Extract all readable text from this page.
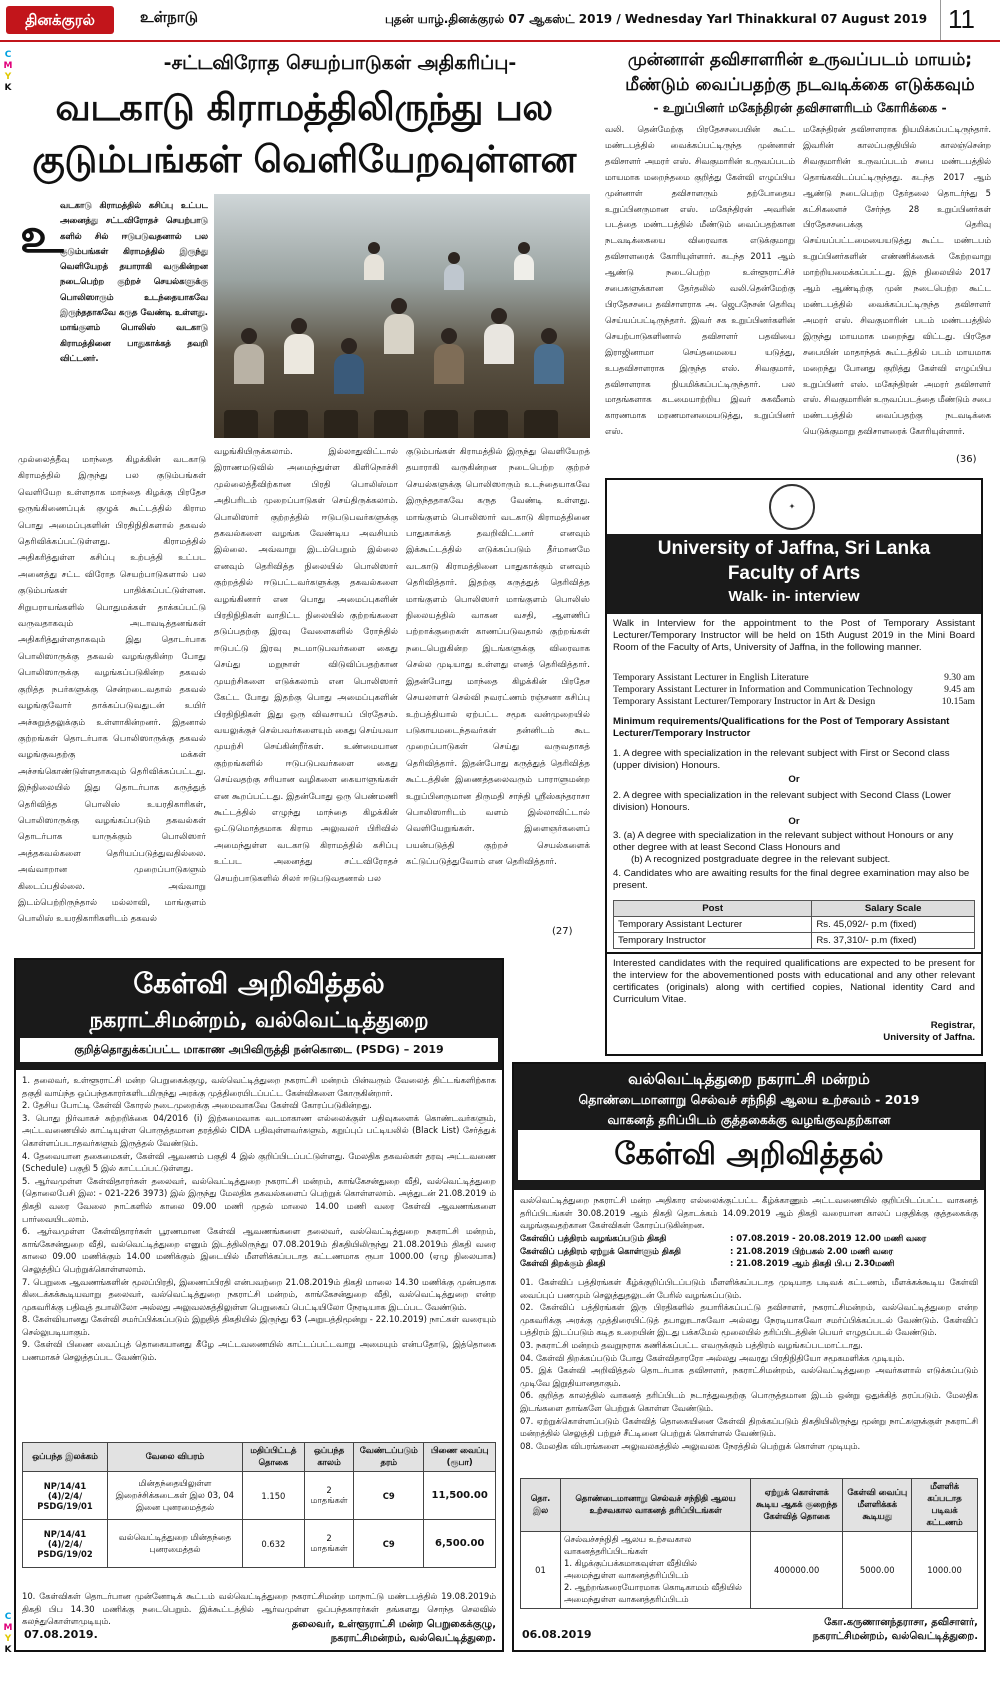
தினக்குரல்	உள்நாடு	புதன் யாழ்.தினக்குரல் 07 ஆகஸ்ட் 2019 / Wednesday Yarl Thinakkural 07 August 2019 11
C
M
Y
K
C
M
Y
K
-சட்டவிரோத செயற்பாடுகள் அதிகரிப்பு-
வடகாடு கிராமத்திலிருந்து பல குடும்பங்கள் வெளியேறவுள்ளன
உ
வடகாடு கிராமத்தில் கசிப்பு உட்பட அனைத்து சட்டவிரோதச் செயற்பாடு களில் சில் ஈடுபடுவதனால் பல குடும்பங்கள் கிராமத்தில் இருந்து வெளியேறத் தயாராகி வருகின்றன நடைபெற்ற குற்றச் செயல்களுக்கு பொலிஸாரும் உடந்தையாகவே இருந்ததாகவே கருத வேண்டி உள்ளது. மாங்குளம் பொலிஸ் வடகாடு கிராமத்தினை பாதுகாக்கத் தவறி விட்டனர்.
முல்லைத்தீவு மாந்தை கிழக்கின் வடகாடு கிராமத்தில் இருந்து பல குடும்பங்கள் வெளியேற உள்ளதாக மாந்தை கிழக்கு பிரதேச ஒருங்கிணைப்புக் குழுக் கூட்டத்தில் கிராம பொது அமைப்புகளின் பிரதிநிதிகளால் தகவல் தெரிவிக்கப்பட்டுள்ளது. கிராமத்தில் அதிகரித்துள்ள கசிப்பு உற்பத்தி உட்பட அனைத்து சட்ட விரோத செயற்பாடுகளால் பல குடும்பங்கள் பாதிக்கப்பட்டுள்ளன. சிறுபராயங்களில் பொதுமக்கள் தாக்கப்பட்டு வருவதாகவும் அடாவடித்தனங்கள் அதிகரித்துள்ளதாகவும் இது தொடர்பாக பொலிஸாருக்கு தகவல் வழங்குகின்ற போது பொலிஸாருக்கு வழங்கப்படுகின்ற தகவல் குறித்த நபர்களுக்கு சென்றடைவதால் தகவல் வழங்குவோர் தாக்கப்படுவதுடன் உயிர் அச்சுறுத்தலுக்கும் உள்ளாகின்றனர். இதனால் குற்றங்கள் தொடர்பாக பொலிஸாருக்கு தகவல் வழங்குவதற்கு மக்கள் அச்சங்கொண்டுள்ளதாகவும் தெரிவிக்கப்பட்டது. இந்நிலையில் இது தொடர்பாக கருத்துத் தெரிவித்த பொலிஸ் உயரதிகாரிகள், பொலிஸாருக்கு வழங்கப்படும் தகவல்கள் தொடர்பாக யாருக்கும் பொலிஸார் அத்தகவல்களை தெரியப்படுத்துவதில்லை. அவ்வாறான முறைப்பாடுகளும் கிடைப்பதில்லை. அவ்வாறு இடம்பெற்றிருந்தால் மல்லாவி, மாங்குளம் பொலிஸ் உயரதிகாரிகளிடம் தகவல்
வழங்கியிருக்கலாம். இல்லாதுவிட்டால் இராணமடுவில் அமைந்துள்ள கிளிநொச்சி முல்லைத்தீவிற்கான பிரதி பொலிஸ்மா அதிபரிடம் முறைப்பாடுகள் செய்திருக்கலாம். பொலிஸார் குற்றத்தில் ஈடுபடுபவர்களுக்கு தகவல்களை வழங்க வேண்டிய அவசியம் இல்லை. அவ்வாறு இடம்பெறும் இல்லை எனவும் தெரிவித்த நிலையில் பொலிஸார் குற்றத்தில் ஈடுபட்டவர்களுக்கு தகவல்களை வழங்கினார் என பொது அமைப்புகளின் பிரதிநிதிகள் வாதிட்ட நிலையில் குற்றங்களை தடுப்பதற்கு இரவு வேளைகளில் ரோந்தில் ஈடுபட்டு இரவு நடமாடுபவர்களை கைது செய்து மறுநாள் விடுவிப்பதற்கான முயற்சிகளை எடுக்கலாம் என பொலிஸார் கேட்ட போது இதற்கு பொது அமைப்புகளின் பிரதிநிதிகள் இது ஒரு விவசாயப் பிரதேசம். வயலுக்குச் செல்பவர்களையும் கைது செய்யவா முயற்சி செய்கின்றீர்கள். உண்மையான குற்றங்களில் ஈடுபடுபவர்களை கைது செய்வதற்கு சரியான வழிகளை கையாளுங்கள் என கூறப்பட்டது. இதன்போது ஒரு பெண்மணி கூட்டத்தில் எழுந்து மாந்தை கிழக்கின் ஒட்டுமொத்தமாக கிராம அலுவலர் பிரிவில் அமைந்துள்ள வடகாடு கிராமத்தில் கசிப்பு உட்பட அனைத்து சட்டவிரோதச் செயற்பாடுகளில் சிலர் ஈடுபடுவதனால் பல
குடும்பங்கள் கிராமத்தில் இருந்து வெளியேறத் தயாராகி வருகின்றன நடைபெற்ற குற்றச் செயல்களுக்கு பொலிஸாரும் உடந்தையாகவே இருந்ததாகவே கருத வேண்டி உள்ளது. மாங்குளம் பொலிஸார் வடகாடு கிராமத்தினை பாதுகாக்கத் தவறிவிட்டனர் எனவும் இக்கூட்டத்தில் எடுக்கப்படும் தீர்மானமே வடகாடு கிராமத்தினை பாதுகாக்கும் எனவும் தெரிவித்தார். இதற்கு கருத்துத் தெரிவித்த மாங்குளம் பொலிஸார் மாங்குளம் பொலிஸ் நிலையத்தில் வாகன வசதி, ஆளணிப் பற்றாக்குறைகள் காணப்படுவதால் குற்றங்கள் நடைபெறுகின்ற இடங்களுக்கு விரைவாக செல்ல முடியாது உள்ளது எனத் தெரிவித்தார். இதன்போது மாந்தை கிழக்கின் பிரதேச செயலாளர் செல்வி நவரட்ணம் ரஞ்சனா கசிப்பு உற்பத்தியால் ஏற்பட்ட சமூக வன்முறையில் படுகாயமடைந்தவர்கள் தன்னிடம் கூட முறைப்பாடுகள் செய்து வருவதாகத் தெரிவித்தார். இதன்போது கருத்துத் தெரிவித்த கூட்டத்தின் இணைத்தலைவரும் பாராளுமன்ற உறுப்பினருமான திருமதி சாந்தி ஸ்ரீஸ்கந்தராசா பொலிஸாரிடம் வளம் இல்லாவிட்டால் வெளியேறுங்கள். இளைஞர்களைப் பயன்படுத்தி குற்றச் செயல்களைக் கட்டுப்படுத்துவோம் என தெரிவித்தார்.
(27)
முன்னாள் தவிசாளரின் உருவப்படம் மாயம்; மீண்டும் வைப்பதற்கு நடவடிக்கை எடுக்கவும்
- உறுப்பினர் மகேந்திரன் தவிசாளரிடம் கோரிக்கை -
வலி. தென்மேற்கு பிரதேசசபையின் கூட்ட மண்டபத்தில் வைக்கப்பட்டிருந்த முன்னாள் தவிசாளர் அமரர் எஸ். சிவகுமாரின் உருவப்படம் மாயமாக மறைந்தமை குறித்து கேள்வி எழுப்பிய முன்னாள் தவிசாளரும் தற்போதைய உறுப்பினருமான எஸ். மகேந்திரன் அவரின் படத்தை மண்டபத்தில் மீண்டும் வைப்பதற்கான நடவடிக்கையை விரைவாக எடுக்குமாறு தவிசாளரைக் கோரியுள்ளார். கடந்த 2011 ஆம் ஆண்டு நடைபெற்ற உள்ளூராட்சிச் சபைகளுக்கான தேர்தலில் வலி.தென்மேற்கு பிரதேசசபை தவிசாளராக அ. ஜெபநேசன் தெரிவு செய்யப்பட்டிருந்தார். இவர் சக உறுப்பினர்களின் செயற்பாடுகளினால் தவிசாளர் பதவியை இராஜினாமா செய்தமையை யடுத்து, உபதவிசாளராக இருந்த எஸ். சிவகுமார், தவிசாளராக நியமிக்கப்பட்டிருந்தார். பல மாதங்களாக கடமையாற்றிய இவர் சுகவீனம் காரணமாக மரணமானமையடுத்து, உறுப்பினர் எஸ்.
மகேந்திரன் தவிசாளராக நியமிக்கப்பட்டிருந்தார். இவரின் காலப்பகுதியில் காலஞ்சென்ற சிவகுமாரின் உருவப்படம் சபை மண்டபத்தில் தொங்கவிடப்பட்டிருந்தது. கடந்த 2017 ஆம் ஆண்டு நடைபெற்ற தேர்தலை தொடர்ந்து 5 கட்சிகளைச் சேர்ந்த 28 உறுப்பினர்கள் பிரதேசசபைக்கு தெரிவு செய்யப்பட்டமையையடுத்து கூட்ட மண்டபம் உறுப்பினர்களின் எண்ணிக்கைக் கேற்றவாறு மாற்றியமைக்கப்பட்டது. இந் நிலையில் 2017 ஆம் ஆண்டிற்கு முன் நடைபெற்ற கூட்ட மண்டபத்தில் வைக்கப்பட்டிருந்த தவிசாளர் அமரர் எஸ். சிவகுமாரின் படம் மண்டபத்தில் இருந்து மாயமாக மறைந்து விட்டது. பிரதேச சபையின் மாதாந்தக் கூட்டத்தில் படம் மாயமாக மறைந்து போனது குறித்து கேள்வி எழுப்பிய உறுப்பினர் எஸ். மகேந்திரன் அமரர் தவிசாளர் எஸ். சிவகுமாரின் உருவப்படத்தை மீண்டும் சபை மண்டபத்தில் வைப்பதற்கு நடவடிக்கை யெடுக்குமாறு தவிசாளரைக் கோரியுள்ளார்.
(36)
✦
University of Jaffna, Sri Lanka
Faculty of Arts
Walk- in- interview
Walk in Interview for the appointment to the Post of Temporary Assistant Lecturer/Temporary Instructor will be held on 15th August 2019 in the Mini Board Room of the Faculty of Arts, University of Jaffna, in the following manner.
Temporary Assistant Lecturer in English Literature	9.30 am
Temporary Assistant Lecturer in Information and Communication Technology	9.45 am
Temporary Assistant Lecturer/Temporary Instructor in Art & Design	10.15am
Minimum requirements/Qualifications for the Post of Temporary Assistant Lecturer/Temporary Instructor
1. A degree with specialization in the relevant subject with First or Second class (upper division) Honours.
Or
2. A degree with specialization in the relevant subject with Second Class (Lower division) Honours.
Or
3. (a) A degree with specialization in the relevant subject without Honours or any other degree with at least Second Class Honours and
(b) A recognized postgraduate degree in the relevant subject.
4. Candidates who are awaiting results for the final degree examination may also be present.
Post	Salary Scale
Temporary Assistant Lecturer	Rs. 45,092/- p.m (fixed)
Temporary Instructor	Rs. 37,310/- p.m (fixed)
கேள்வி அறிவித்தல்
நகராட்சிமன்றம், வல்வெட்டித்துறை
குறித்தொதுக்கப்பட்ட மாகாண அபிவிருத்தி நன்கொடை (PSDG) – 2019
1. தலைவர், உள்ளூராட்சி மன்ற பெறுகைக்குழு, வல்வெட்டித்துறை நகராட்சி மன்றம் பின்வரும் வேலைத் திட்டங்களிற்காக தகுதி வாய்ந்த ஒப்பந்தகாரர்களிடமிருந்து அரக்கு முத்திரையிடப்பட்ட கேள்விகளை கோருகின்றார்.
2. தேசிய போட்டி கேள்வி கோரல் நடைமுறைக்கு அமைவாகவே கேள்வி கோரப்படுகின்றது.
3. பொது நிர்வாகச் சுற்றறிக்கை 04/2016 (i) இற்கமைவாக வடமாகாண எல்லைக்குள் பதிவுகளைக் கொண்டவர்களும், அட்டவணையில் காட்டியுள்ள பொருத்தமான தரத்தில் CIDA பதிவுள்ளவர்களும், கறுப்புப் பட்டியலில் (Black List) சேர்த்துக் கொள்ளப்படாதவர்களும் இருத்தல் வேண்டும்.
4. தேவையான தகைமைகள், கேள்வி ஆவணம் பகுதி 4 இல் குறிப்பிடப்பட்டுள்ளது. மேலதிக தகவல்கள் தரவு அட்டவணை (Schedule) பகுதி 5 இல் காட்டப்பட்டுள்ளது.
5. ஆர்வமுள்ள கேள்விதாரர்கள் தலைவர், வல்வெட்டித்துறை நகராட்சி மன்றம், காங்கேசன்துறை வீதி, வல்வெட்டித்துறை (தொலைபேசி இல: - 021-226 3973) இல் இருந்து மேலதிக தகவல்களைப் பெற்றுக் கொள்ளலாம். அத்துடன் 21.08.2019 ம் திகதி வரை வேலை நாட்களில் காலை 09.00 மணி முதல் மாலை 14.00 மணி வரை கேள்வி ஆவணங்களை பார்வையிடலாம்.
6. ஆர்வமுள்ள கேள்விதாரர்கள் பூரணமான கேள்வி ஆவணங்களை தலைவர், வல்வெட்டித்துறை நகராட்சி மன்றம், காங்கேசன்துறை வீதி, வல்வெட்டித்துறை எனும் இடத்திலிருந்து 07.08.2019ம் திகதியிலிருந்து 21.08.2019ம் திகதி வரை காலை 09.00 மணிக்கும் 14.00 மணிக்கும் இடையில் மீளளிக்கப்படாத கட்டணமாக ரூபா 1000.00 (ஏழு நிலையாக) செலுத்திப் பெற்றுக்கொள்ளலாம்.
7. பெறுகை ஆவணங்களின் மூலப்பிரதி, இணைப்பிரதி என்பவற்றை 21.08.2019ம் திகதி மாலை 14.30 மணிக்கு முன்பதாக கிடைக்கக்கூடியவாறு தலைவர், வல்வெட்டித்துறை நகராட்சி மன்றம், காங்கேசன்துறை வீதி, வல்வெட்டித்துறை என்ற முகவரிக்கு பதிவுத் தபாலிலோ அல்லது அலுவலகத்திலுள்ள பெறுகைப் பெட்டியிலோ நேரடியாக இடப்பட வேண்டும்.
8. கேள்வியானது கேள்வி சமர்ப்பிக்கப்படும் இறுதித் திகதியில் இருந்து 63 (அறுபத்திமூன்று - 22.10.2019) நாட்கள் வரையும் செல்லுபடியாகும்.
9. கேள்வி பிணை வைப்புத் தொகையானது கீழே அட்டவணையில் காட்டப்பட்டவாறு அமையும் என்பதோடு, இத்தொகை பணமாகச் செலுத்தப்பட வேண்டும்.
ஒப்பந்த இலக்கம்	வேலை விபரம்	மதிப்பிட்டத் தொகை	ஒப்பந்த காலம்	வேண்டப்படும் தரம்	பிணை வைப்பு (ரூபா)
NP/14/41 (4)/2/4/ PSDG/19/01	மின்தந்தையிலுள்ள இறைச்சிக்கடைகள் இல 03, 04 இனை புனரமைத்தல்	1.150	2 மாதங்கள்	C9	11,500.00
NP/14/41 (4)/2/4/ PSDG/19/02	வல்வெட்டித்துறை மின்தந்தை புனரமைத்தல்	0.632	2 மாதங்கள்	C9	6,500.00
10. கேள்விகள் தொடர்பான முன்னோடிக் கூட்டம் வல்வெட்டித்துறை நகராட்சிமன்ற மாநாட்டு மண்டபத்தில் 19.08.2019ம் திகதி பிப 14.30 மணிக்கு நடைபெறும். இக்கூட்டத்தில் ஆர்வமுள்ள ஒப்பந்தகாரர்கள் தங்களது சொந்த செலவில் கலந்துகொள்ளமுடியும்.
07.08.2019.
தலைவர், உள்ளூராட்சி மன்ற பெறுகைக்குழு,
நகராட்சிமன்றம், வல்வெட்டித்துறை.
வல்வெட்டித்துறை நகராட்சி மன்றம்
தொண்டைமானாறு செல்வச் சந்நிதி ஆலய உற்சவம் - 2019
வாகனத் தரிப்பிடம் குத்தகைக்கு வழங்குவதற்கான
கேள்வி அறிவித்தல்
வல்வெட்டித்துறை நகராட்சி மன்ற அதிகார எல்லைக்குட்பட்ட கீழ்க்காணும் அட்டவணையில் குறிப்பிடப்பட்ட வாகனத் தரிப்பிடங்கள் 30.08.2019 ஆம் திகதி தொடக்கம் 14.09.2019 ஆம் திகதி வரையான காலப் பகுதிக்கு குத்தகைக்கு வழங்குவதற்கான கேள்விகள் கோரப்படுகின்றன.
கேள்விப் பத்திரம் வழங்கப்படும் திகதி	: 07.08.2019 - 20.08.2019 12.00 மணி வரை
கேள்விப் பத்திரம் ஏற்றுக் கொள்ளும் திகதி	: 21.08.2019 பிற்பகல் 2.00 மணி வரை
கேள்வி திறக்கும் திகதி	: 21.08.2019 ஆம் திகதி பி.ப 2.30மணி
01. கேள்விப் பத்திரங்கள் கீழ்க்குறிப்பிடப்படும் மீளளிக்கப்படாத முடியாத படிவக் கட்டணம், மீளக்கக்கூடிய கேள்வி வைப்புப் பணமும் செலுத்துதலுடன் பேரில் வழங்கப்படும்.
02. கேள்விப் பத்திரங்கள் இரு பிரதிகளில் தயாரிக்கப்பட்டு தவிசாளர், நகராட்சிமன்றம், வல்வெட்டித்துறை என்ற முகவரிக்கு அரக்கு முத்திரையிட்டுத் தபாலூடாகவோ அல்லது நேரடியாகவோ சமர்ப்பிக்கப்படல் வேண்டும். கேள்விப் பத்திரம் இடப்படும் கடித உறையின் இடது பக்கமேல் மூலையில் தரிப்பிடத்தின் பெயர் எழுதப்படல் வேண்டும்.
03. நகராட்சி மன்றம் தவறுநராக கணிக்கப்பட்ட எவருக்கும் பத்திரம் வழங்கப்படமாட்டாது.
04. கேள்வி திறக்கப்படும் போது கேள்விதாரரோ அல்லது அவரது பிரதிநிதியோ சமூகமளிக்க முடியும்.
05. இக் கேள்வி அறிவித்தல் தொடர்பாக தவிசாளர், நகராட்சிமன்றம், வல்வெட்டித்துறை அவர்களால் எடுக்கப்படும் முடிவே இறுதியானதாகும்.
06. குறித்த காலத்தில் வாகனத் தரிப்பிடம் நடாத்துவதற்கு பொருத்தமான இடம் ஒன்று ஒதுக்கித் தரப்படும். மேலதிக இடங்களை தாங்களே பெற்றுக் கொள்ள வேண்டும்.
07. ஏற்றுக்கொள்ளப்படும் கேள்வித் தொகையினை கேள்வி திறக்கப்படும் திகதியிலிருந்து மூன்று நாட்களுக்குள் நகராட்சி மன்றத்தில் செலுத்தி பற்றுச் சீட்டினை பெற்றுக் கொள்ளல் வேண்டும்.
08. மேலதிக விபரங்களை அலுவலகத்தில் அலுவலக நேரத்தில் பெற்றுக் கொள்ள முடியும்.
தொ. இல	தொண்டைமானாறு செல்வச் சந்நிதி ஆலய உற்சவகால வாகனத் தரிப்பிடங்கள்	ஏற்றுக் கொள்ளக் கூடிய ஆகக் குறைந்த கேள்வித் தொகை	கேள்வி வைப்பு மீளளிக்கக் கூடியது	மீளளிக் கப்படாத படிவக் கட்டணம்
01	செல்வச்சந்நிதி ஆலய உற்சவகால வாகனத்தரிப்பிடங்கள்
1. கிழக்குப்பக்கமாகவுள்ள வீதியில் அமைந்துள்ள வாகனத்தரிப்பிடம்
2. ஆற்றங்கரையோரமாக கொடிகாமம் வீதியில் அமைந்துள்ள வாகனத்தரிப்பிடம்	400000.00	5000.00	1000.00
06.08.2019
கோ.கருணானந்தராசா, தவிசாளர்,
நகராட்சிமன்றம், வல்வெட்டித்துறை.
Interested candidates with the required qualifications are expected to be present for the interview for the abovementioned posts with educational and any other relevant certificates (originals) along with certified copies, National identity Card and Curriculum Vitae.
Registrar,
University of Jaffna.
